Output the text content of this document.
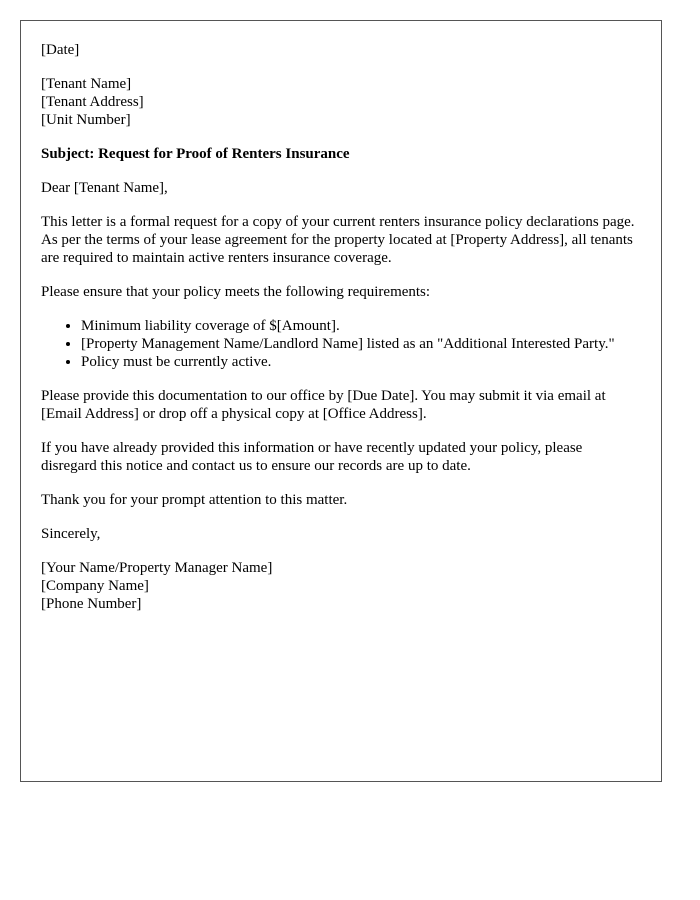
[Date]

[Tenant Name]
[Tenant Address]
[Unit Number]

Subject: Request for Proof of Renters Insurance

Dear [Tenant Name],

This letter is a formal request for a copy of your current renters insurance policy declarations page. As per the terms of your lease agreement for the property located at [Property Address], all tenants are required to maintain active renters insurance coverage.

Please ensure that your policy meets the following requirements:

• Minimum liability coverage of $[Amount].
• [Property Management Name/Landlord Name] listed as an "Additional Interested Party."
• Policy must be currently active.

Please provide this documentation to our office by [Due Date]. You may submit it via email at [Email Address] or drop off a physical copy at [Office Address].

If you have already provided this information or have recently updated your policy, please disregard this notice and contact us to ensure our records are up to date.

Thank you for your prompt attention to this matter.

Sincerely,

[Your Name/Property Manager Name]
[Company Name]
[Phone Number]
